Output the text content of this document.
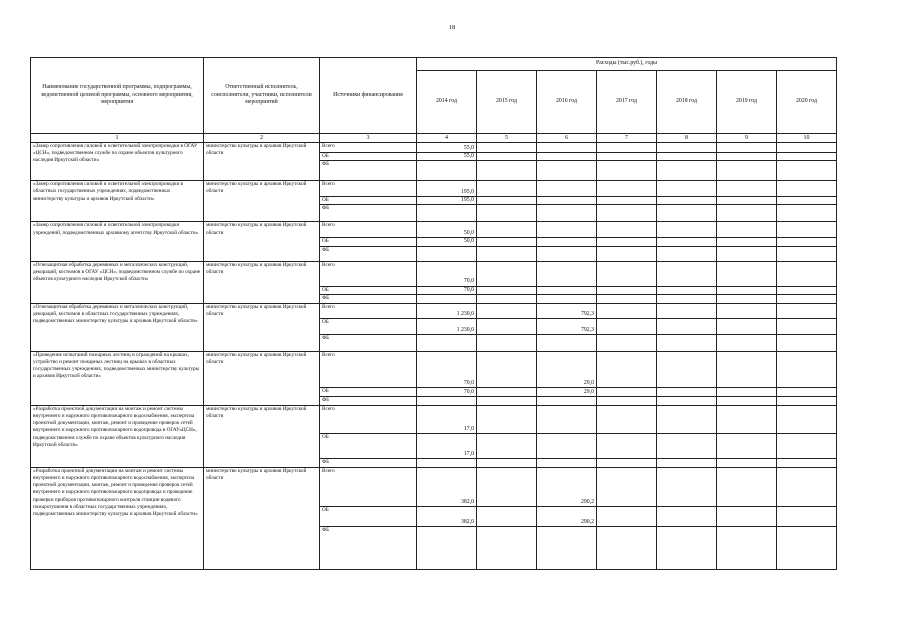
18
Наименование государственной программы, подпрограммы, ведомственной целевой программы, основного мероприятия, мероприятия	Ответственный исполнитель, соисполнители, участники, исполнители мероприятий	Источники финансирования	Расходы (тыс.руб.), годы						
			2014 год	2015 год	2016 год	2017 год	2018 год	2019 год	2020 год
1	2	3	4	5	6	7	8	9	10
«Замер сопротивления силовой и осветительной электропроводки в ОГАУ «ЦСН», подведомственном службе по охране объектов культурного наследия Иркутской области»	министерство культуры и архивов Иркутской области	Всего	55,0						
		ОБ	55,0						
		ФБ							
«Замер сопротивления силовой и осветительной электропроводки в областных государственных учреждениях, подведомственных министерству культуры и архивов Иркутской области»	министерство культуры и архивов Иркутской области	Всего	195,0						
		ОБ	195,0						
		ФБ							
«Замер сопротивления силовой и осветительной электропроводки учреждений, подведомственных архивному агентству Иркутской области»	министерство культуры и архивов Иркутской области	Всего	50,0						
		ОБ	50,0						
		ФБ							
«Огнезащитная обработка деревянных и металлических конструкций, декораций, костюмов в ОГАУ «ЦСН», подведомственном службе по охране объектов культурного наследия Иркутской области»	министерство культуры и архивов Иркутской области	Всего	70,0						
		ОБ	70,0						
		ФБ							
«Огнезащитная обработка деревянных и металлических конструкций, декораций, костюмов в областных государственных учреждениях, подведомственных министерству культуры и архивов Иркутской области»	министерство культуры и архивов Иркутской области	Всего	1 230,0		792,3				
		ОБ	1 230,0		792,3				
		ФБ							
«Проведение испытаний пожарных лестниц и ограждений на крышах, устройство и ремонт пожарных лестниц на крышах в областных государственных учреждениях, подведомственных министерству культуры и архивов Иркутской области»	министерство культуры и архивов Иркутской области	Всего	70,0		29,0				
		ОБ	70,0		29,0				
		ФБ							
«Разработка проектной документации на монтаж и ремонт системы внутреннего и наружного противопожарного водоснабжения, экспертиза проектной документации, монтаж, ремонт и проведение проверок сетей внутреннего и наружного противопожарного водопровода в ОГАУ«ЦСН», подведомственном службе по охране объектов культурного наследия Иркутской области»	министерство культуры и архивов Иркутской области	Всего	17,0						
		ОБ	17,0						
		ФБ							
«Разработка проектной документации на монтаж и ремонт системы внутреннего и наружного противопожарного водоснабжения, экспертиза проектной документации, монтаж, ремонт и проведение проверок сетей внутреннего и наружного противопожарного водопровода и проведение проверки приборов противопожарного контроля станции водяного пожаротушения в областных государственных учреждениях, подведомственных министерству культуры и архивов Иркутской области»	министерство культуры и архивов Иркутской области	Всего	382,0		290,2				
		ОБ	382,0		290,2				
		ФБ							
